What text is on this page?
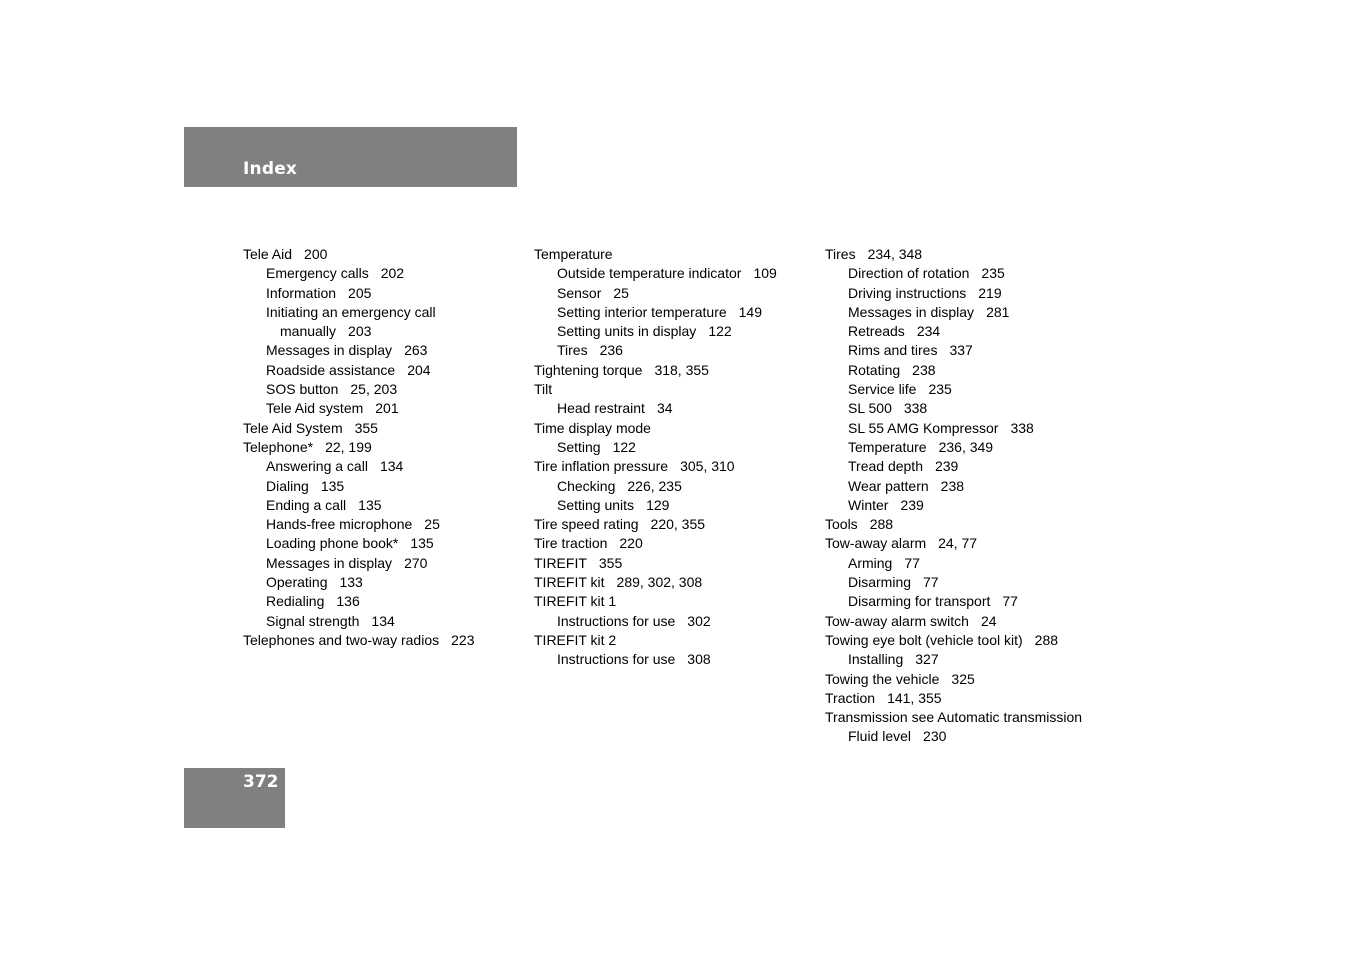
Index
Tele Aid 200
Emergency calls 202
Information 205
Initiating an emergency call
manually 203
Messages in display 263
Roadside assistance 204
SOS button 25, 203
Tele Aid system 201
Tele Aid System 355
Telephone* 22, 199
Answering a call 134
Dialing 135
Ending a call 135
Hands-free microphone 25
Loading phone book* 135
Messages in display 270
Operating 133
Redialing 136
Signal strength 134
Telephones and two-way radios 223
Temperature
Outside temperature indicator 109
Sensor 25
Setting interior temperature 149
Setting units in display 122
Tires 236
Tightening torque 318, 355
Tilt
Head restraint 34
Time display mode
Setting 122
Tire inflation pressure 305, 310
Checking 226, 235
Setting units 129
Tire speed rating 220, 355
Tire traction 220
TIREFIT 355
TIREFIT kit 289, 302, 308
TIREFIT kit 1
Instructions for use 302
TIREFIT kit 2
Instructions for use 308
Tires 234, 348
Direction of rotation 235
Driving instructions 219
Messages in display 281
Retreads 234
Rims and tires 337
Rotating 238
Service life 235
SL 500 338
SL 55 AMG Kompressor 338
Temperature 236, 349
Tread depth 239
Wear pattern 238
Winter 239
Tools 288
Tow-away alarm 24, 77
Arming 77
Disarming 77
Disarming for transport 77
Tow-away alarm switch 24
Towing eye bolt (vehicle tool kit) 288
Installing 327
Towing the vehicle 325
Traction 141, 355
Transmission see Automatic transmission
Fluid level 230
372
